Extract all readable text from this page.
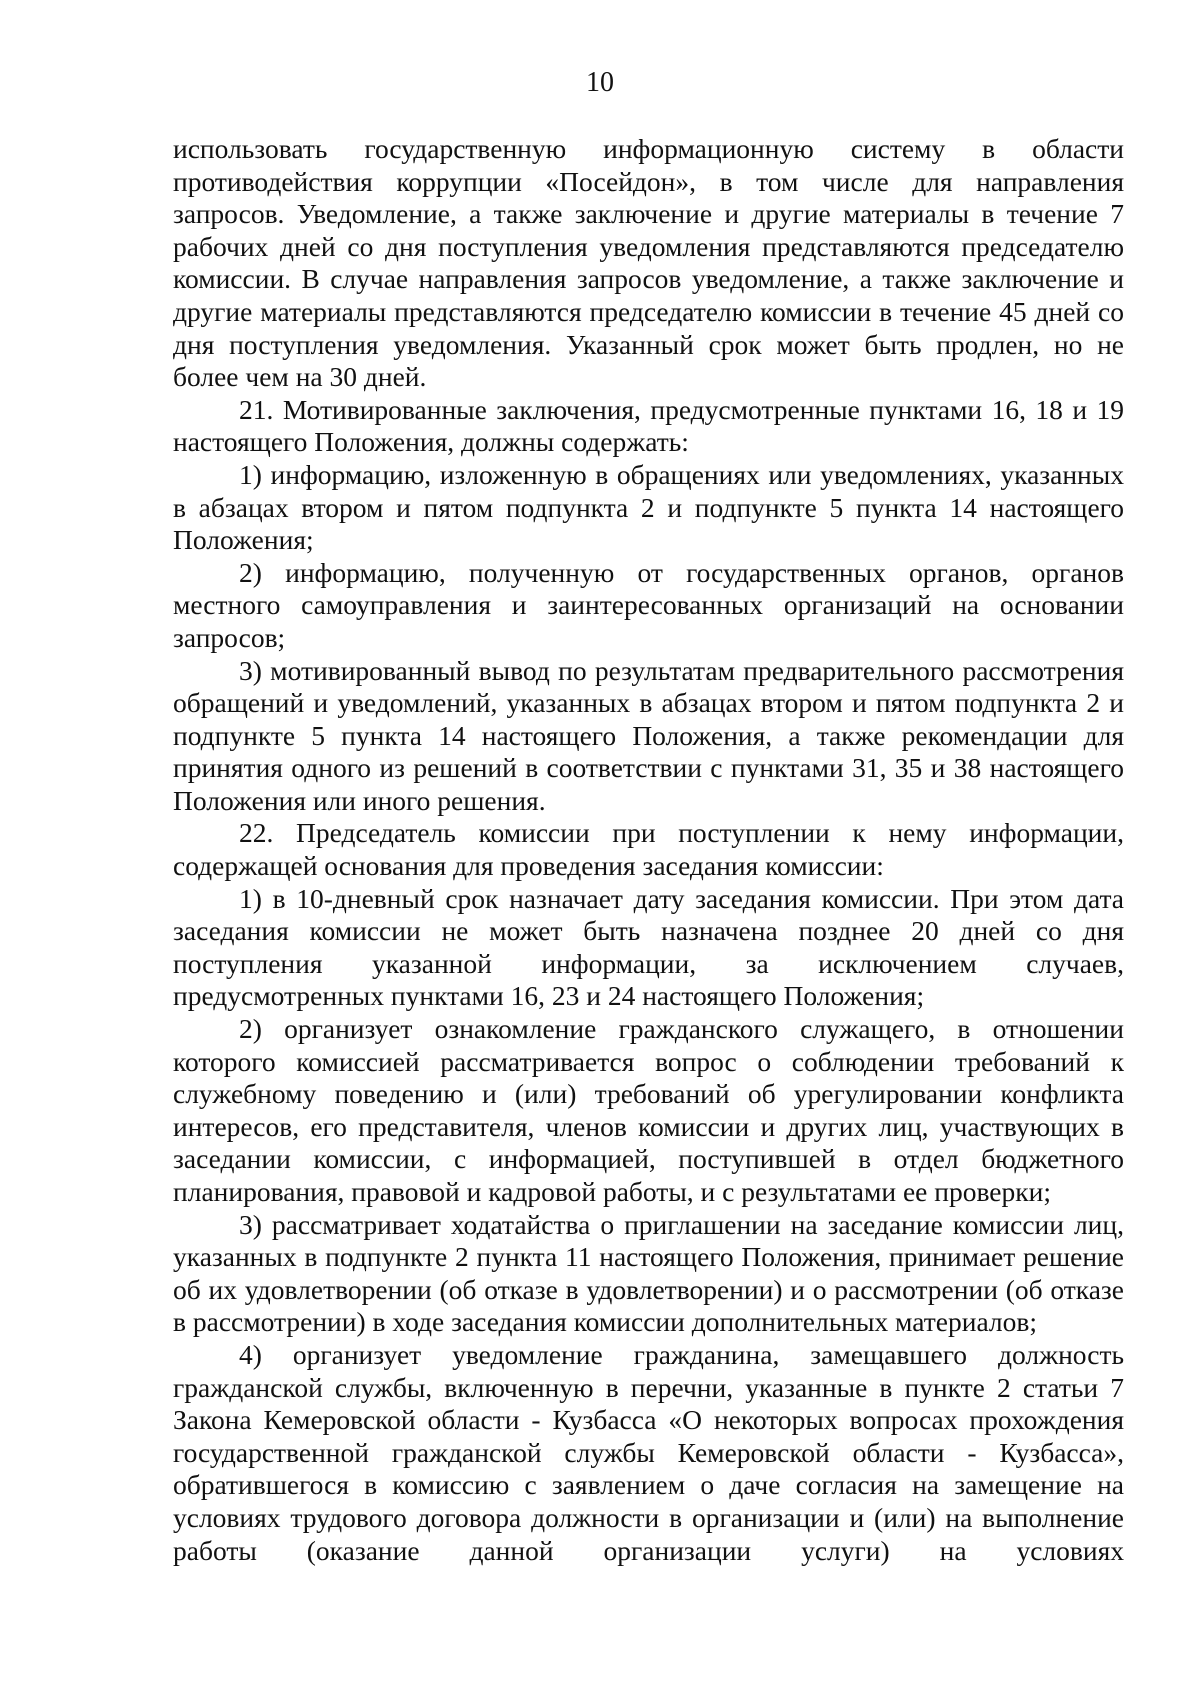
10

использовать государственную информационную систему в области противодействия коррупции «Посейдон», в том числе для направления запросов. Уведомление, а также заключение и другие материалы в течение 7 рабочих дней со дня поступления уведомления представляются председателю комиссии. В случае направления запросов уведомление, а также заключение и другие материалы представляются председателю комиссии в течение 45 дней со дня поступления уведомления. Указанный срок может быть продлен, но не более чем на 30 дней.

21. Мотивированные заключения, предусмотренные пунктами 16, 18 и 19 настоящего Положения, должны содержать:

1) информацию, изложенную в обращениях или уведомлениях, указанных в абзацах втором и пятом подпункта 2 и подпункте 5 пункта 14 настоящего Положения;

2) информацию, полученную от государственных органов, органов местного самоуправления и заинтересованных организаций на основании запросов;

3) мотивированный вывод по результатам предварительного рассмотрения обращений и уведомлений, указанных в абзацах втором и пятом подпункта 2 и подпункте 5 пункта 14 настоящего Положения, а также рекомендации для принятия одного из решений в соответствии с пунктами 31, 35 и 38 настоящего Положения или иного решения.

22. Председатель комиссии при поступлении к нему информации, содержащей основания для проведения заседания комиссии:

1) в 10-дневный срок назначает дату заседания комиссии. При этом дата заседания комиссии не может быть назначена позднее 20 дней со дня поступления указанной информации, за исключением случаев, предусмотренных пунктами 16, 23 и 24 настоящего Положения;

2) организует ознакомление гражданского служащего, в отношении которого комиссией рассматривается вопрос о соблюдении требований к служебному поведению и (или) требований об урегулировании конфликта интересов, его представителя, членов комиссии и других лиц, участвующих в заседании комиссии, с информацией, поступившей в отдел бюджетного планирования, правовой и кадровой работы, и с результатами ее проверки;

3) рассматривает ходатайства о приглашении на заседание комиссии лиц, указанных в подпункте 2 пункта 11 настоящего Положения, принимает решение об их удовлетворении (об отказе в удовлетворении) и о рассмотрении (об отказе в рассмотрении) в ходе заседания комиссии дополнительных материалов;

4) организует уведомление гражданина, замещавшего должность гражданской службы, включенную в перечни, указанные в пункте 2 статьи 7 Закона Кемеровской области - Кузбасса «О некоторых вопросах прохождения государственной гражданской службы Кемеровской области - Кузбасса», обратившегося в комиссию с заявлением о даче согласия на замещение на условиях трудового договора должности в организации и (или) на выполнение работы (оказание данной организации услуги) на условиях
